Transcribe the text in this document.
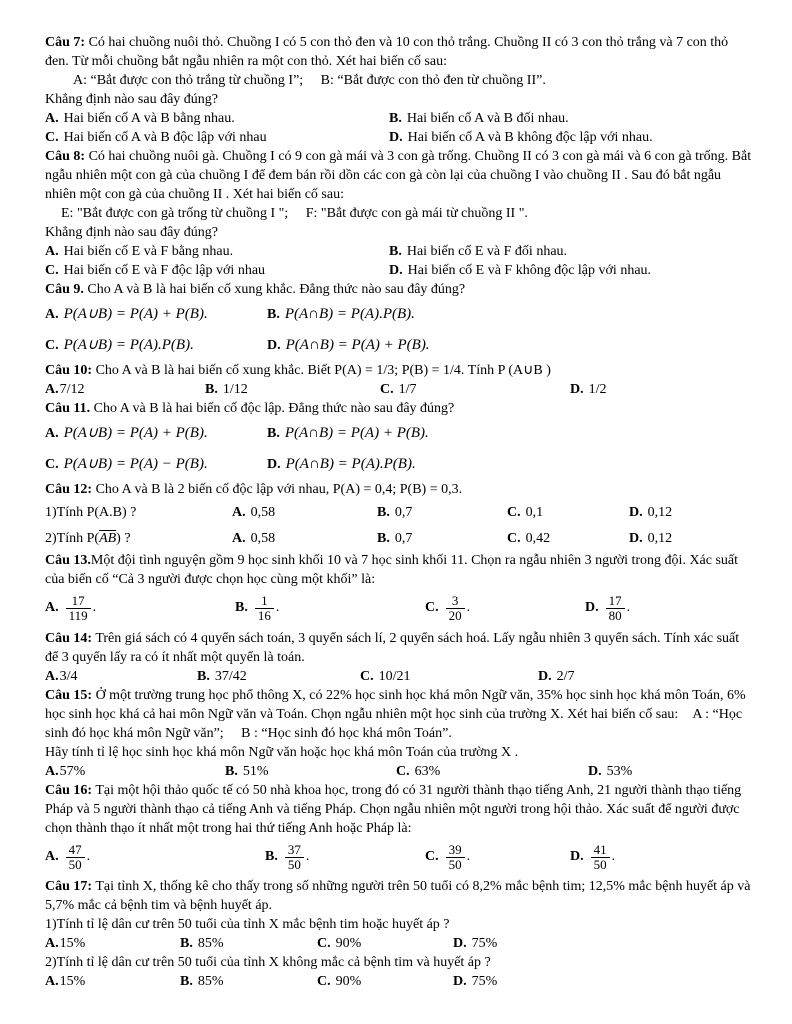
Câu 7: Có hai chuồng nuôi thỏ. Chuồng I có 5 con thỏ đen và 10 con thỏ trắng. Chuồng II có 3 con thỏ trắng và 7 con thỏ đen. Từ mỗi chuồng bắt ngẫu nhiên ra một con thỏ. Xét hai biến cố sau:

A: “Bắt được con thỏ trắng từ chuồng I”;  B: “Bắt được con thỏ đen từ chuồng II”.

Khẳng định nào sau đây đúng?

A. Hai biến cố A và B bằng nhau.	B. Hai biến cố A và B đối nhau.
C. Hai biến cố A và B độc lập với nhau	D. Hai biến cố A và B không độc lập với nhau.

Câu 8: Có hai chuồng nuôi gà. Chuồng I có 9 con gà mái và 3 con gà trống. Chuồng II có 3 con gà mái và 6 con gà trống. Bắt ngẫu nhiên một con gà của chuồng I để đem bán rồi dồn các con gà còn lại của chuồng I vào chuồng II . Sau đó bắt ngẫu nhiên một con gà của chuồng II . Xét hai biến cố sau:

E: "Bắt được con gà trống từ chuồng I ";  F: "Bắt được con gà mái từ chuồng II ".

Khẳng định nào sau đây đúng?

A. Hai biến cố E và F bằng nhau.	B. Hai biến cố E và F đối nhau.
C. Hai biến cố E và F độc lập với nhau	D. Hai biến cố E và F không độc lập với nhau.

Câu 9. Cho A và B là hai biến cố xung khắc. Đẳng thức nào sau đây đúng?

A. P(A∪B) = P(A) + P(B).	B. P(A∩B) = P(A).P(B).
C. P(A∪B) = P(A).P(B).	D. P(A∩B) = P(A) + P(B).

Câu 10: Cho A và B là hai biến cố xung khắc. Biết P(A) = 1/3; P(B) = 1/4. Tính P (A∪B )

A.7/12	B. 1/12	C. 1/7	D. 1/2

Câu 11. Cho A và B là hai biến cố độc lập. Đẳng thức nào sau đây đúng?

A. P(A∪B) = P(A) + P(B).	B. P(A∩B) = P(A) + P(B).
C. P(A∪B) = P(A) − P(B).	D. P(A∩B) = P(A).P(B).

Câu 12: Cho A và B là 2 biến cố độc lập với nhau, P(A) = 0,4; P(B) = 0,3.

1)Tính P(A.B) ?	A. 0,58	B. 0,7	C. 0,1	D. 0,12
2)Tính $P(\overline{AB})$ ?	A. 0,58	B. 0,7	C. 0,42	D. 0,12

Câu 13.Một đội tình nguyện gồm 9 học sinh khối 10 và 7 học sinh khối 11. Chọn ra ngẫu nhiên 3 người trong đội. Xác suất của biến cố “Cả 3 người được chọn học cùng một khối” là:

A. $\frac{17}{119}$ .	B. $\frac{1}{16}$ .	C. $\frac{3}{20}$ .	D. $\frac{17}{80}$ .

Câu 14: Trên giá sách có 4 quyển sách toán, 3 quyển sách lí, 2 quyển sách hoá. Lấy ngẫu nhiên 3 quyển sách. Tính xác suất để 3 quyển lấy ra có ít nhất một quyển là toán.

A.3/4	B. 37/42	C. 10/21	D. 2/7

Câu 15: Ở một trường trung học phổ thông X, có 22% học sinh học khá môn Ngữ văn, 35% học sinh học khá môn Toán, 6% học sinh học khá cả hai môn Ngữ văn và Toán. Chọn ngẫu nhiên một học sinh của trường X. Xét hai biến cố sau: A : “Học sinh đó học khá môn Ngữ văn”;  B : “Học sinh đó học khá môn Toán”.

Hãy tính tỉ lệ học sinh học khá môn Ngữ văn hoặc học khá môn Toán của trường X .

A.57%	B. 51%	C. 63%	D. 53%

Câu 16: Tại một hội thảo quốc tế có 50 nhà khoa học, trong đó có 31 người thành thạo tiếng Anh, 21 người thành thạo tiếng Pháp và 5 người thành thạo cả tiếng Anh và tiếng Pháp. Chọn ngẫu nhiên một người trong hội thảo. Xác suất để người được chọn thành thạo ít nhất một trong hai thứ tiếng Anh hoặc Pháp là:

A. $\frac{47}{50}$ .	B. $\frac{37}{50}$ .	C. $\frac{39}{50}$ .	D. $\frac{41}{50}$ .

Câu 17: Tại tỉnh X, thống kê cho thấy trong số những người trên 50 tuổi có 8,2% mắc bệnh tim; 12,5% mắc bệnh huyết áp và 5,7% mắc cả bệnh tim và bệnh huyết áp.

1)Tính tỉ lệ dân cư trên 50 tuổi của tỉnh X mắc bệnh tim hoặc huyết áp ?

A.15%	B. 85%	C. 90%	D. 75%

2)Tính tỉ lệ dân cư trên 50 tuổi của tỉnh X không mắc cả bệnh tim và huyết áp ?

A.15%	B. 85%	C. 90%	D. 75%
